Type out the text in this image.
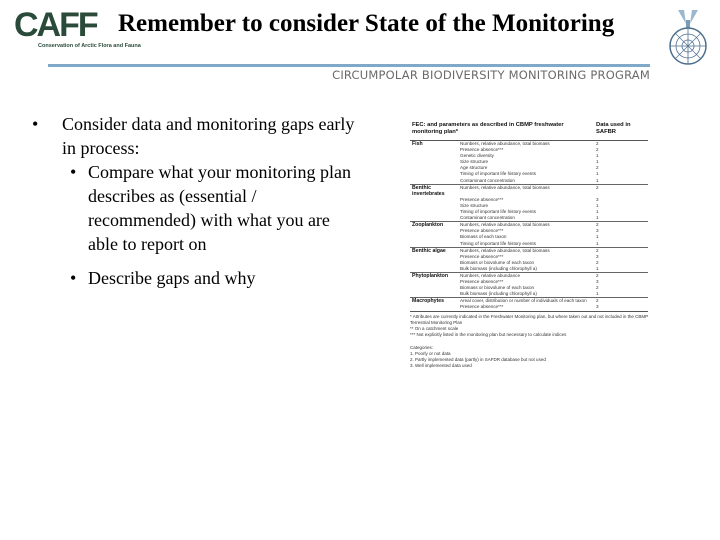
CAFF
Conservation of Arctic Flora and Fauna
Remember to consider State of the Monitoring
CIRCUMPOLAR BIODIVERSITY MONITORING PROGRAM
• Consider data and monitoring gaps early in process:
• Compare what your monitoring plan describes as (essential / recommended) with what you are able to report on
• Describe gaps and why
FEC: and parameters as described in CBMP freshwater monitoring plan*		Data used in SAFBR
Fish	Numbers, relative abundance, total biomass	2
	Presence absence***	2
	Genetic diversity	1
	Size structure	1
	Age structure	2
	Timing of important life history events	1
	Contaminant concentration	1
Benthic invertebrates	Numbers, relative abundance, total biomass	2
	Presence absence***	3
	Size structure	1
	Timing of important life history events	1
	Contaminant concentration	1
Zooplankton	Numbers, relative abundance, total biomass	2
	Presence absence***	3
	Biomass of each taxon	1
	Timing of important life history events	1
Benthic algae	Numbers, relative abundance, total biomass	2
	Presence absence***	3
	Biomass or biovolume of each taxon	2
	Bulk biomass (including chlorophyll a)	1
Phytoplankton	Numbers, relative abundance	2
	Presence absence***	3
	Biomass or biovolume of each taxon	2
	Bulk biomass (including chlorophyll a)	1
Macrophytes	Areal cover, distribution or number of individuals of each taxon	2
	Presence absence***	3
* Attributes are currently indicated in the Freshwater Monitoring plan, but where taken out and not included in the CBMP
Terrestrial Monitoring Plan
** On a catchment scale
*** Not explicitly listed in the monitoring plan but necessary to calculate indices

Categories:
1. Poorly or not data
2. Partly implemented data (partly) in SAFDR database but not used
3. Well implemented data used
